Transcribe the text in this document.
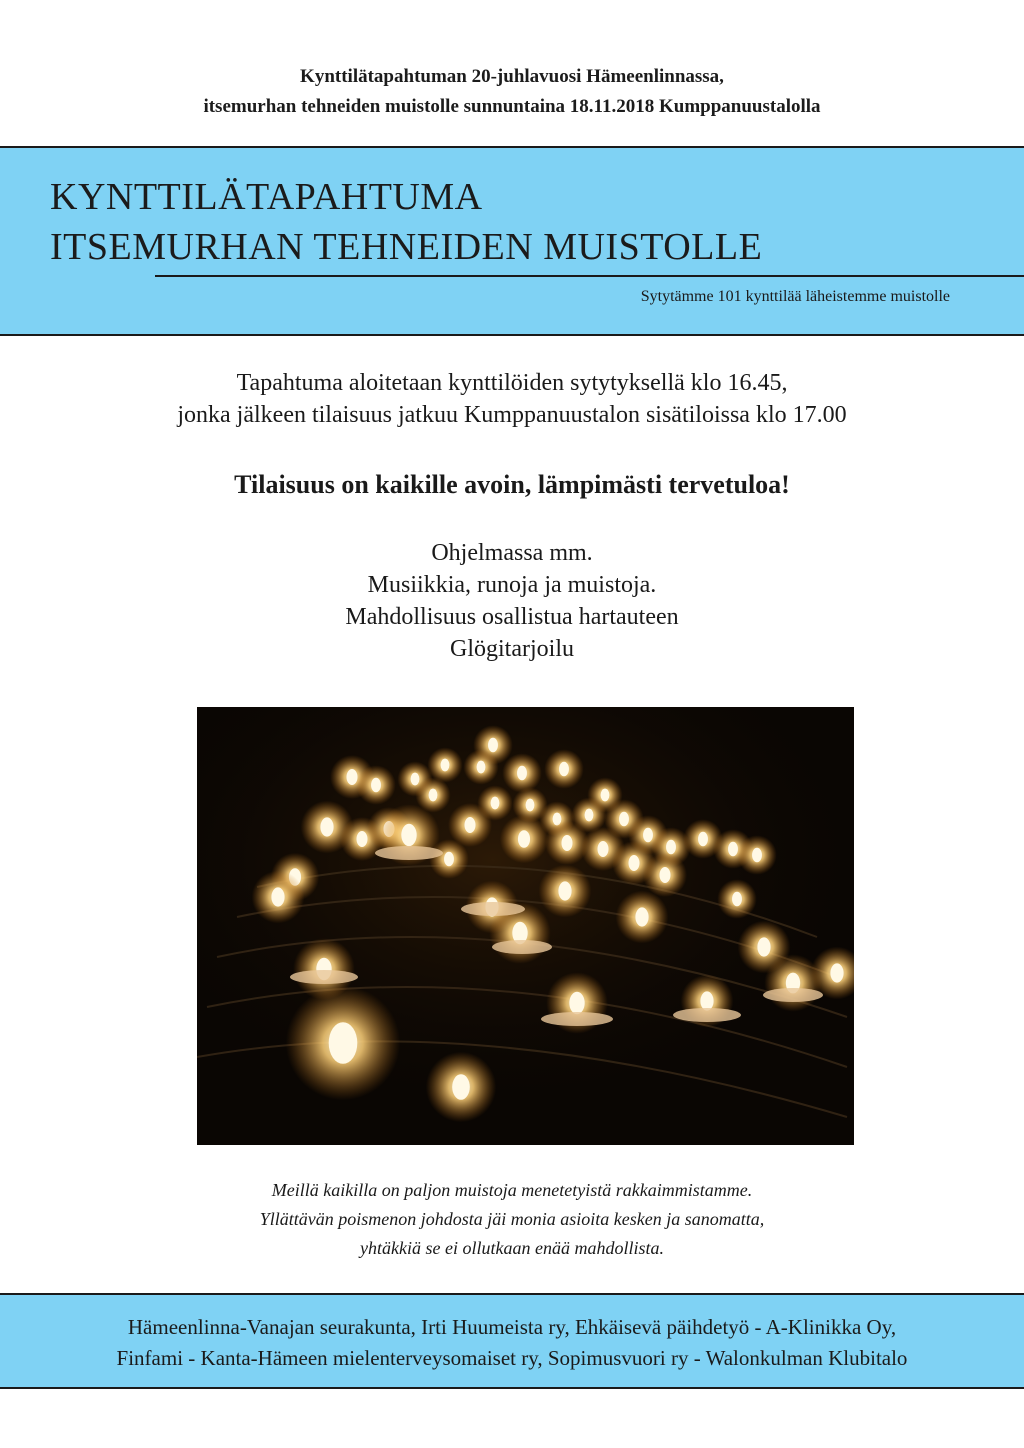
Kynttilätapahtuman 20-juhlavuosi Hämeenlinnassa,
itsemurhan tehneiden muistolle sunnuntaina 18.11.2018 Kumppanuustalolla
KYNTTILÄTAPAHTUMA
ITSEMURHAN TEHNEIDEN MUISTOLLE
Sytytämme 101 kynttilää läheistemme muistolle
Tapahtuma aloitetaan kynttilöiden sytytyksellä klo 16.45,
jonka jälkeen tilaisuus jatkuu Kumppanuustalon sisätiloissa klo 17.00
Tilaisuus on kaikille avoin, lämpimästi tervetuloa!
Ohjelmassa mm.
Musiikkia, runoja ja muistoja.
Mahdollisuus osallistua hartauteen
Glögitarjoilu
Meillä kaikilla on paljon muistoja menetetyistä rakkaimmistamme.
Yllättävän poismenon johdosta jäi monia asioita kesken ja sanomatta,
yhtäkkiä se ei ollutkaan enää mahdollista.
Hämeenlinna-Vanajan seurakunta, Irti Huumeista ry, Ehkäisevä päihdetyö - A-Klinikka Oy,
Finfami - Kanta-Hämeen mielenterveysomaiset ry, Sopimusvuori ry - Walonkulman Klubitalo
